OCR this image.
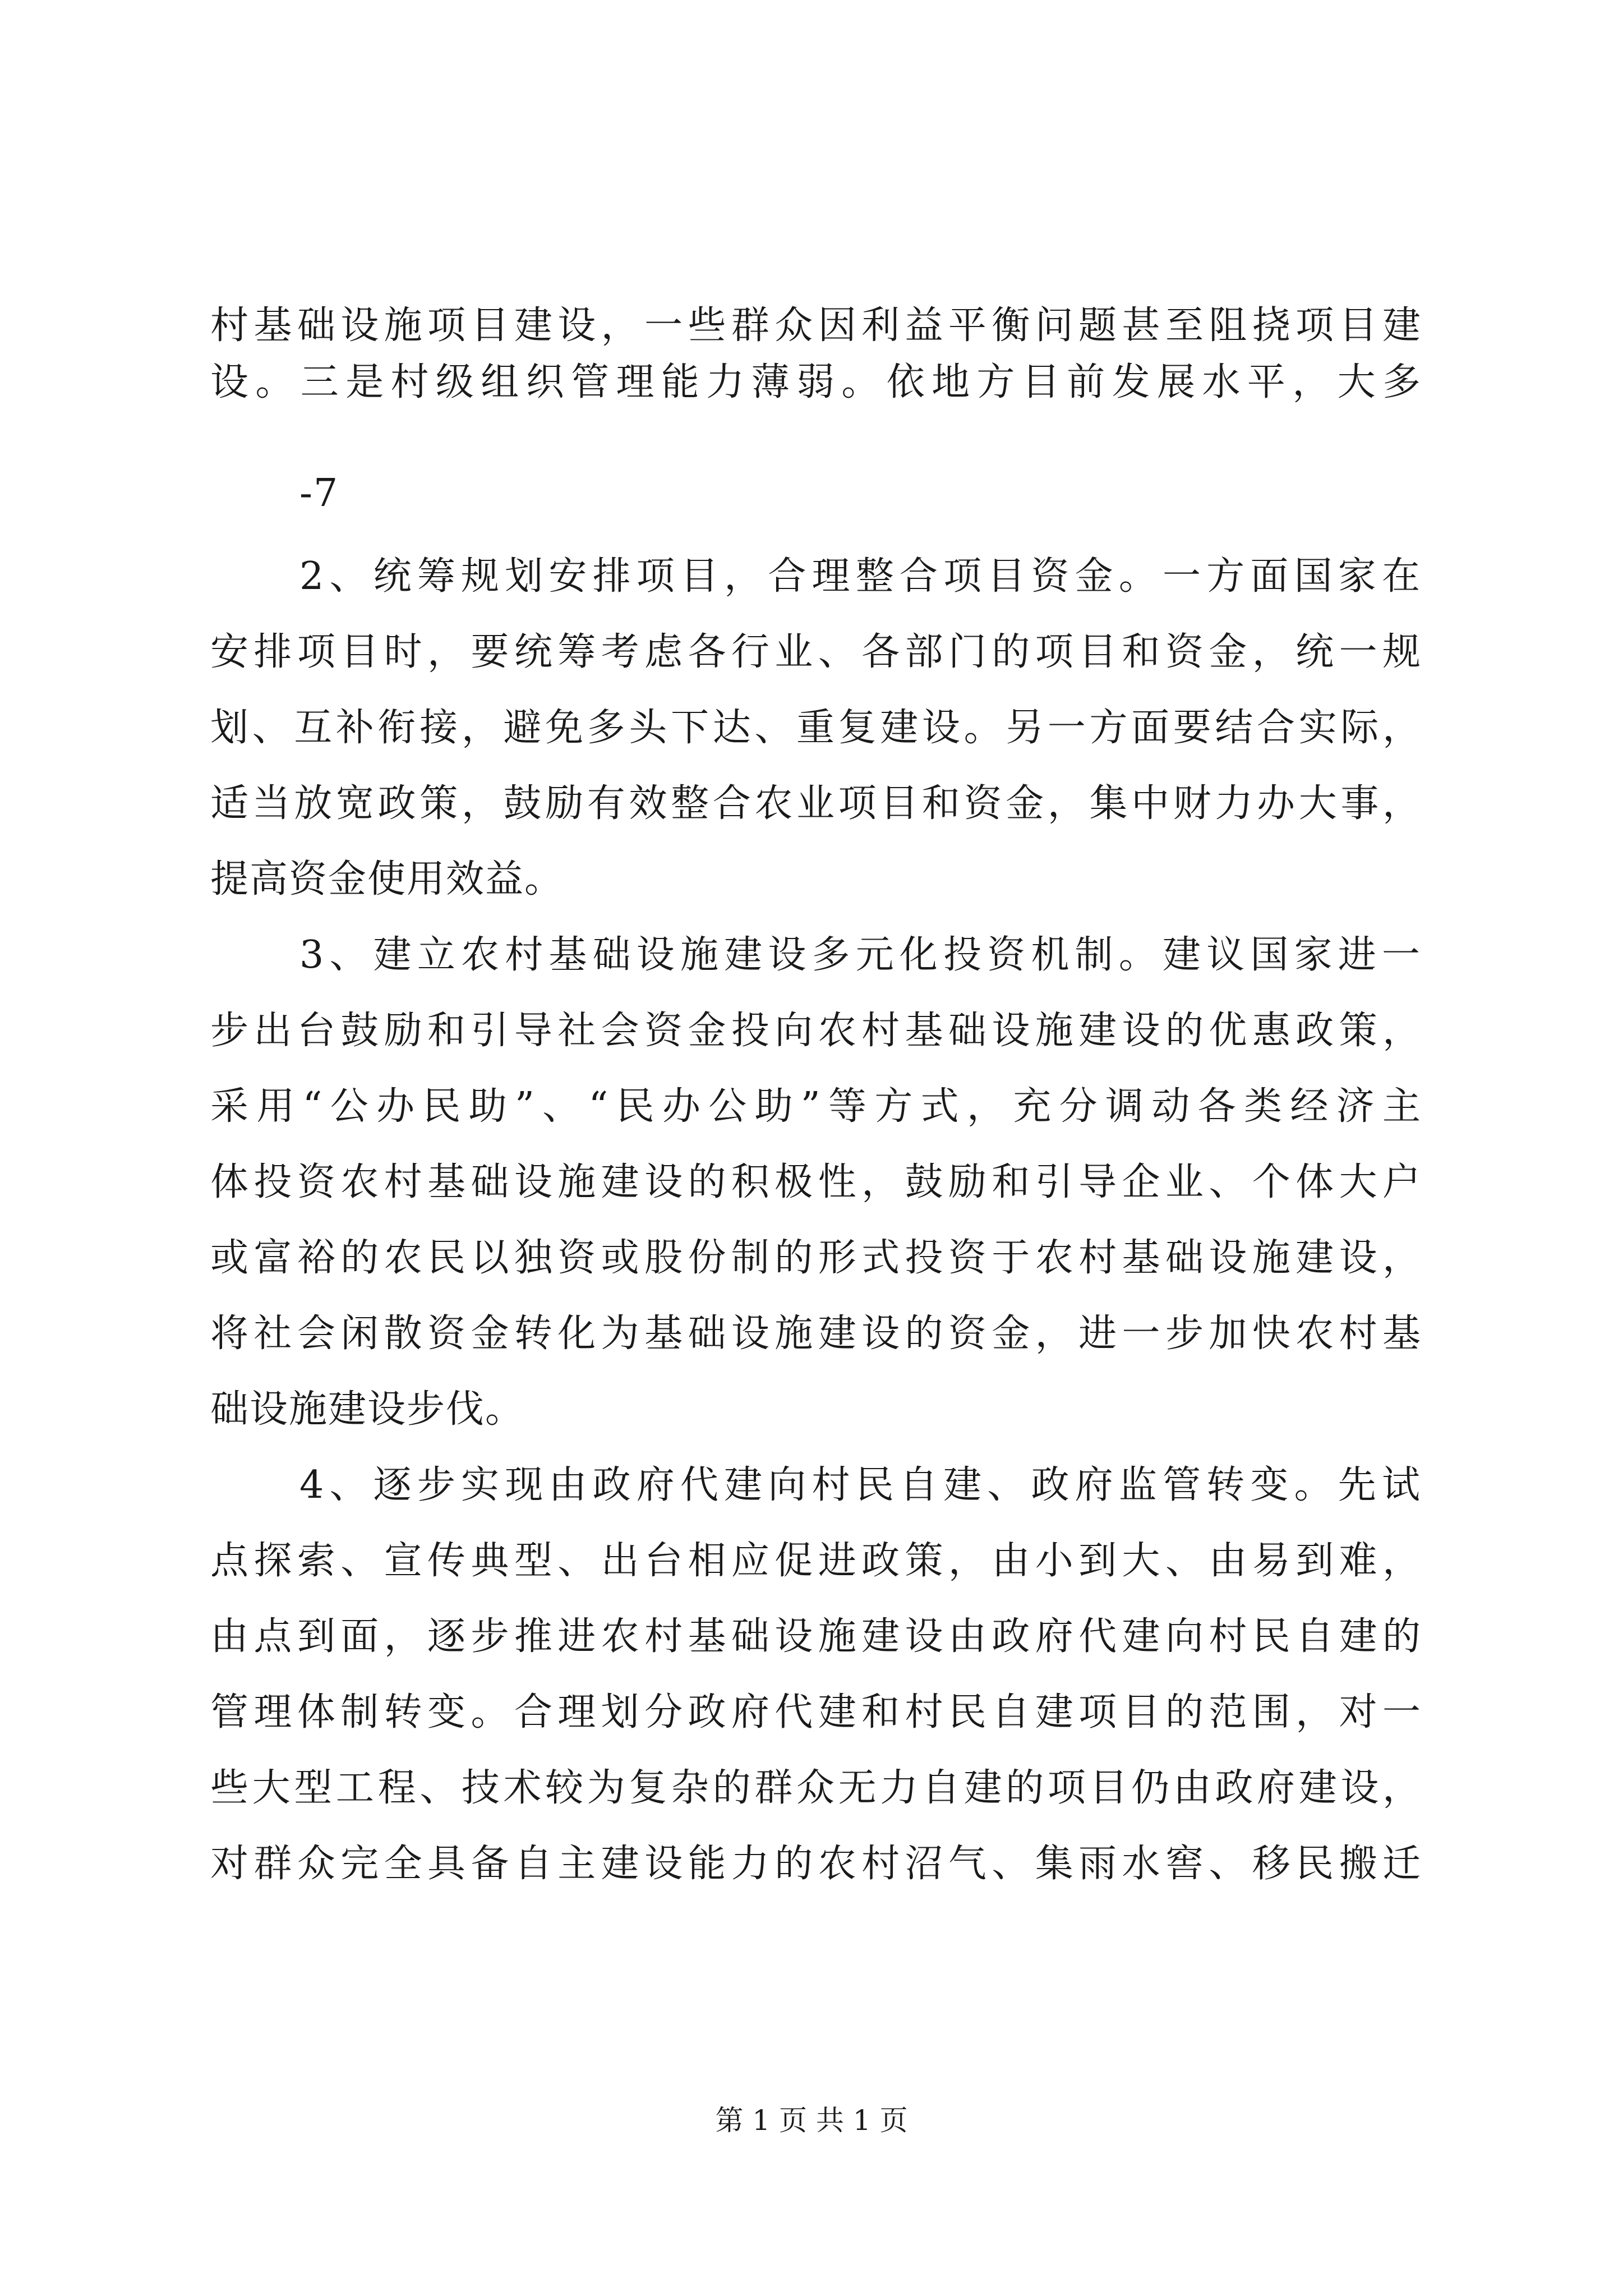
村基础设施项目建设，一些群众因利益平衡问题甚至阻挠项目建
设。三是村级组织管理能力薄弱。依地方目前发展水平，大多
-7
2、统筹规划安排项目，合理整合项目资金。一方面国家在
安排项目时，要统筹考虑各行业、各部门的项目和资金，统一规
划、互补衔接，避免多头下达、重复建设。另一方面要结合实际，
适当放宽政策，鼓励有效整合农业项目和资金，集中财力办大事，
提高资金使用效益。
3、建立农村基础设施建设多元化投资机制。建议国家进一
步出台鼓励和引导社会资金投向农村基础设施建设的优惠政策，
采用“公办民助”、“民办公助”等方式，充分调动各类经济主
体投资农村基础设施建设的积极性，鼓励和引导企业、个体大户
或富裕的农民以独资或股份制的形式投资于农村基础设施建设，
将社会闲散资金转化为基础设施建设的资金，进一步加快农村基
础设施建设步伐。
4、逐步实现由政府代建向村民自建、政府监管转变。先试
点探索、宣传典型、出台相应促进政策，由小到大、由易到难，
由点到面，逐步推进农村基础设施建设由政府代建向村民自建的
管理体制转变。合理划分政府代建和村民自建项目的范围，对一
些大型工程、技术较为复杂的群众无力自建的项目仍由政府建设，
对群众完全具备自主建设能力的农村沼气、集雨水窖、移民搬迁
第 1 页 共 1 页
